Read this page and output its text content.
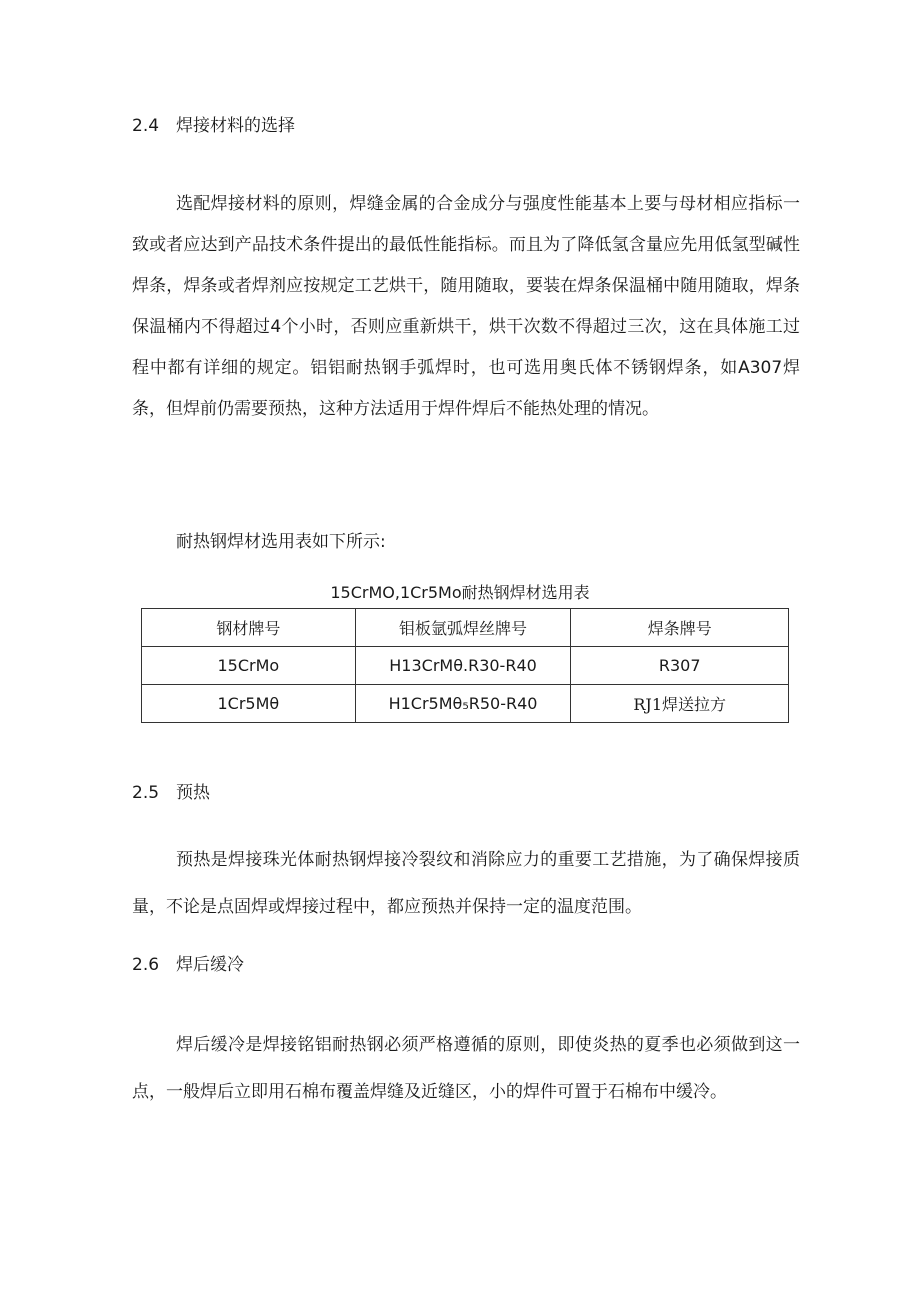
2.4 焊接材料的选择

选配焊接材料的原则，焊缝金属的合金成分与强度性能基本上要与母材相应指标一致或者应达到产品技术条件提出的最低性能指标。而且为了降低氢含量应先用低氢型碱性焊条，焊条或者焊剂应按规定工艺烘干，随用随取，要装在焊条保温桶中随用随取，焊条保温桶内不得超过4个小时，否则应重新烘干，烘干次数不得超过三次，这在具体施工过程中都有详细的规定。铝铝耐热钢手弧焊时，也可选用奥氏体不锈钢焊条，如A307焊条，但焊前仍需要预热，这种方法适用于焊件焊后不能热处理的情况。

耐热钢焊材选用表如下所示:
15CrMO,1Cr5Mo耐热钢焊材选用表
钢材牌号	钼板氩弧焊丝牌号	焊条牌号
15CrMo	H13CrMθ.R30-R40	R307
1Cr5Mθ	H1Cr5Mθ₅R50-R40	RJ1焊送拉方
2.5 预热

预热是焊接珠光体耐热钢焊接冷裂纹和消除应力的重要工艺措施，为了确保焊接质量，不论是点固焊或焊接过程中，都应预热并保持一定的温度范围。

2.6 焊后缓冷

焊后缓冷是焊接铭铝耐热钢必须严格遵循的原则，即使炎热的夏季也必须做到这一点，一般焊后立即用石棉布覆盖焊缝及近缝区，小的焊件可置于石棉布中缓冷。
